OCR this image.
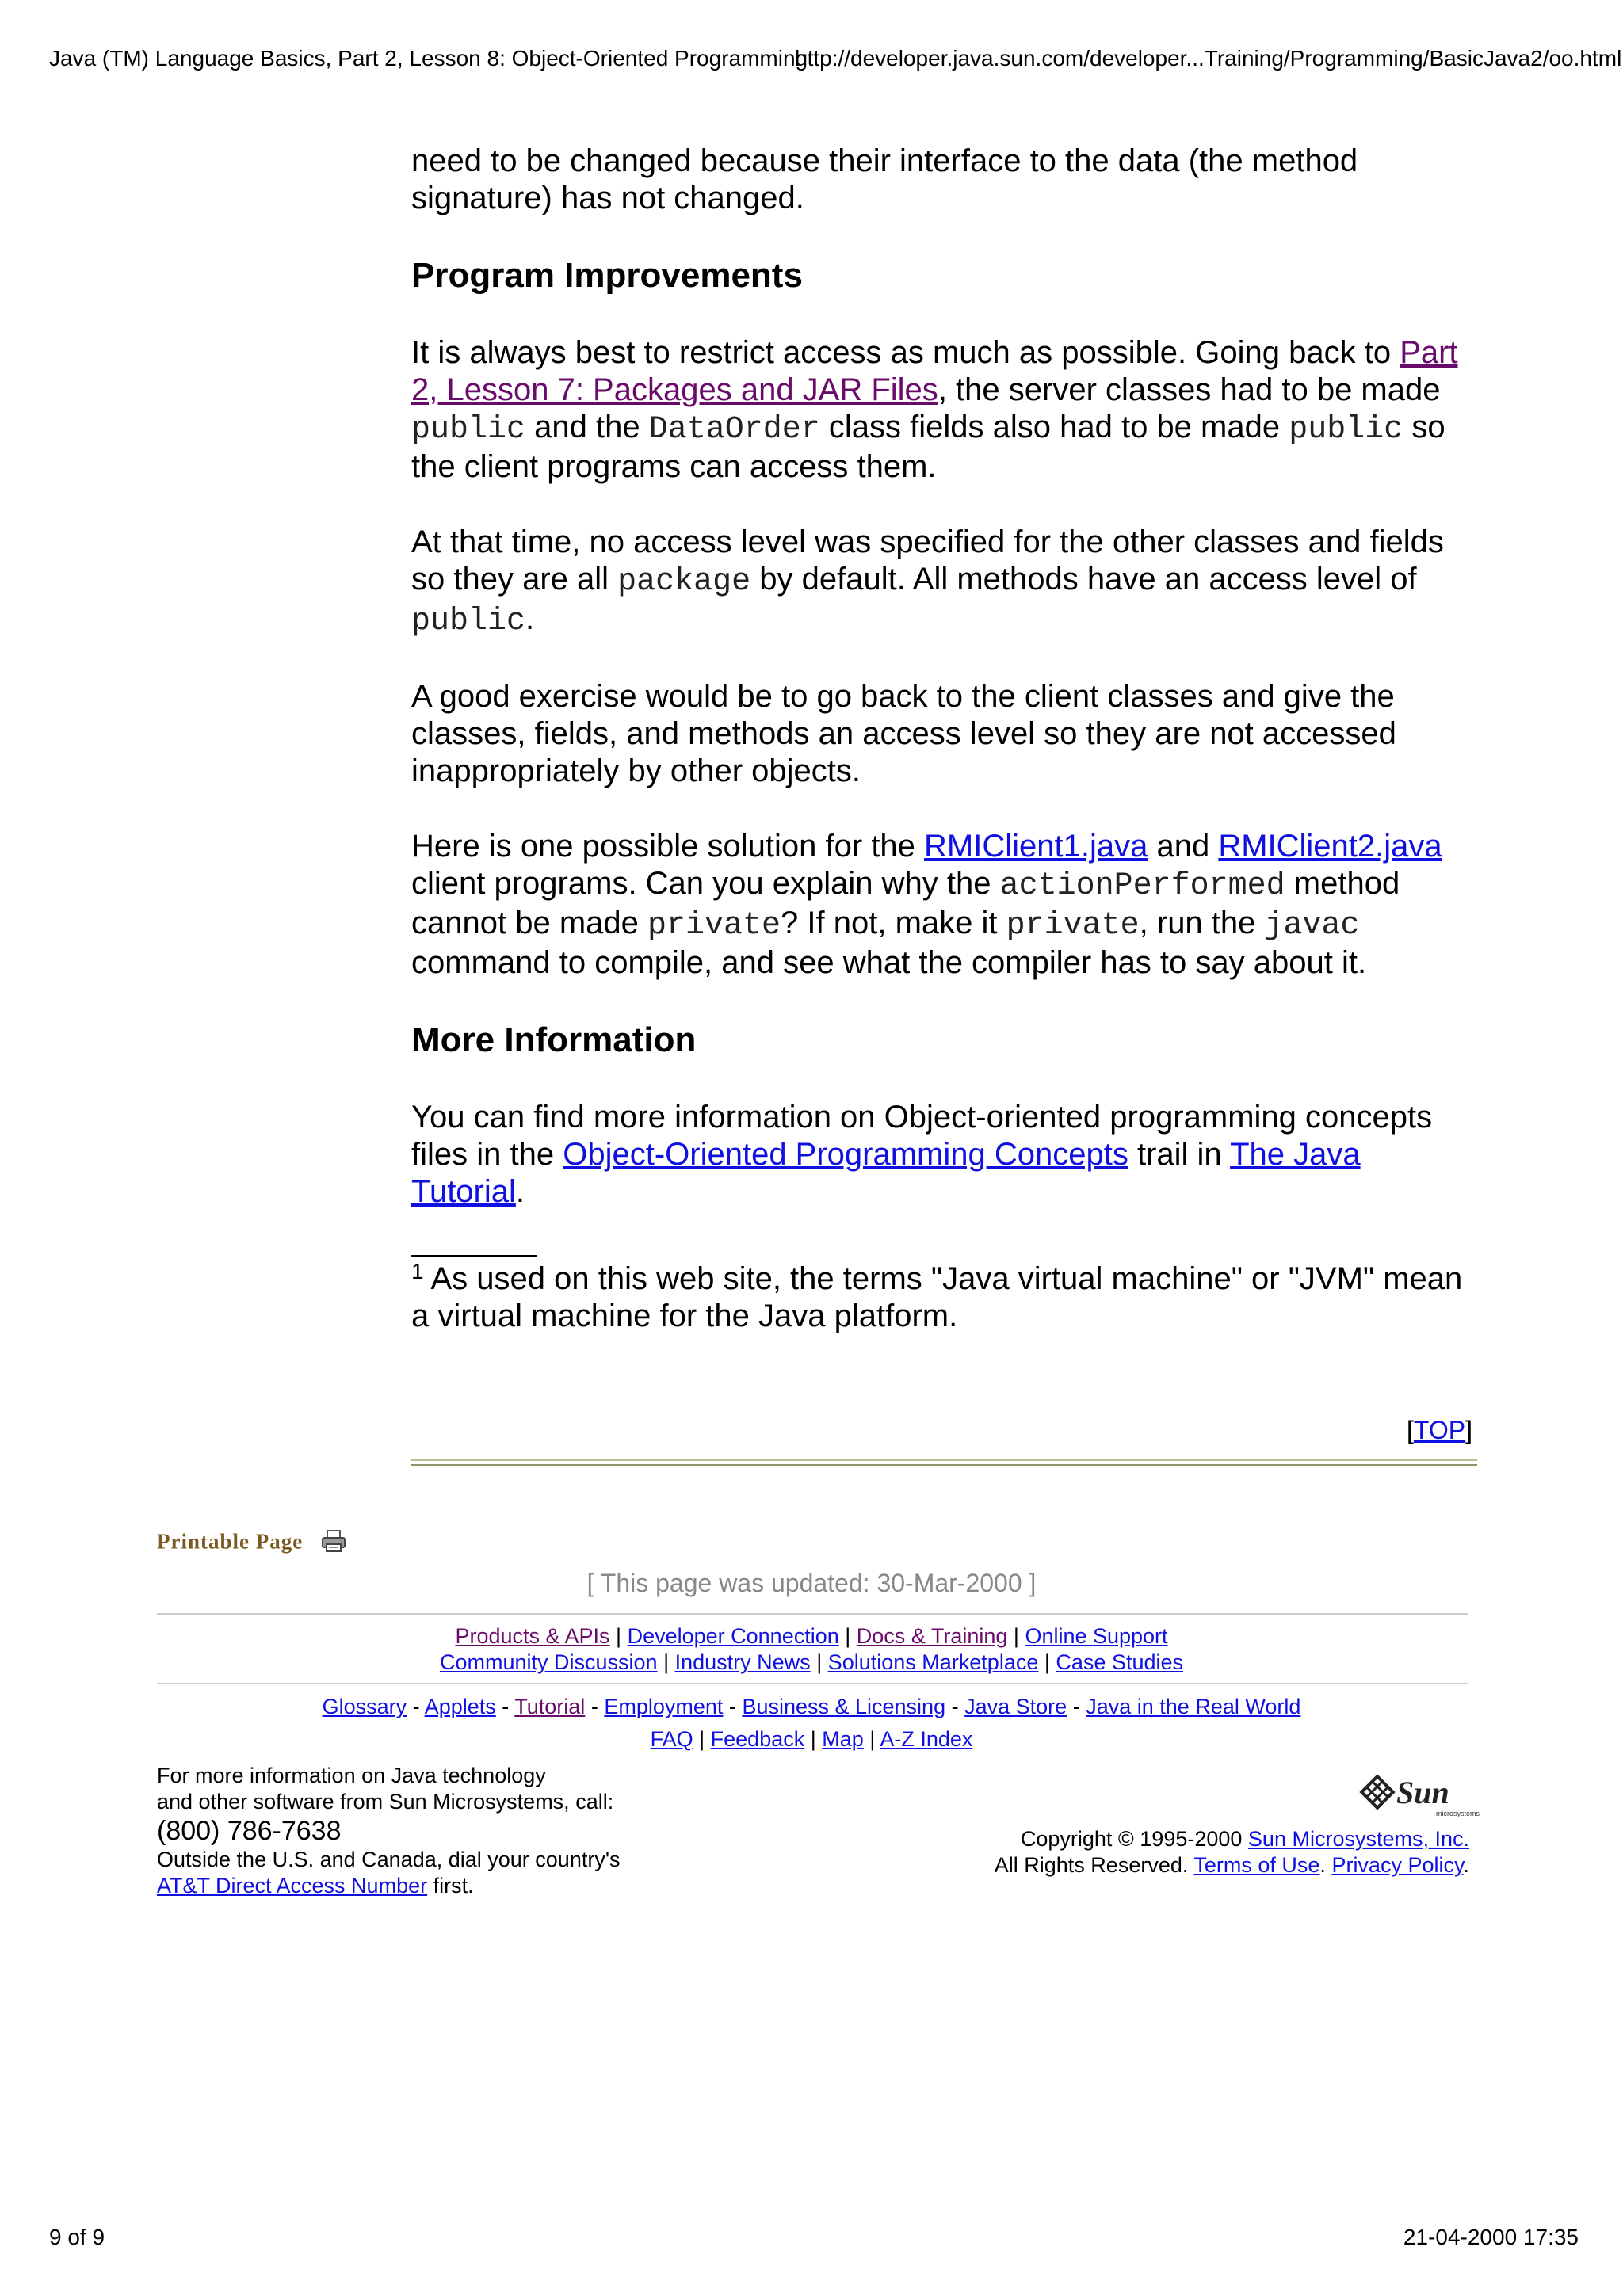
Java (TM) Language Basics, Part 2, Lesson 8: Object-Oriented Programming
http://developer.java.sun.com/developer...Training/Programming/BasicJava2/oo.html

need to be changed because their interface to the data (the method signature) has not changed.

Program Improvements

It is always best to restrict access as much as possible. Going back to Part 2, Lesson 7: Packages and JAR Files, the server classes had to be made public and the DataOrder class fields also had to be made public so the client programs can access them.

At that time, no access level was specified for the other classes and fields so they are all package by default. All methods have an access level of public.

A good exercise would be to go back to the client classes and give the classes, fields, and methods an access level so they are not accessed inappropriately by other objects.

Here is one possible solution for the RMIClient1.java and RMIClient2.java client programs. Can you explain why the actionPerformed method cannot be made private? If not, make it private, run the javac command to compile, and see what the compiler has to say about it.

More Information

You can find more information on Object-oriented programming concepts files in the Object-Oriented Programming Concepts trail in The Java Tutorial.

$^1$ As used on this web site, the terms "Java virtual machine" or "JVM" mean a virtual machine for the Java platform.

[TOP]
Printable Page
[ This page was updated: 30-Mar-2000 ]
Products & APIs | Developer Connection | Docs & Training | Online Support
Community Discussion | Industry News | Solutions Marketplace | Case Studies
Glossary - Applets - Tutorial - Employment - Business & Licensing - Java Store - Java in the Real World
FAQ | Feedback | Map | A-Z Index
For more information on Java technology
and other software from Sun Microsystems, call:
(800) 786-7638
Outside the U.S. and Canada, dial your country's
AT&T Direct Access Number first.
Sun
microsystems
Copyright © 1995-2000 Sun Microsystems, Inc.
All Rights Reserved. Terms of Use. Privacy Policy.
9 of 9	21-04-2000 17:35
